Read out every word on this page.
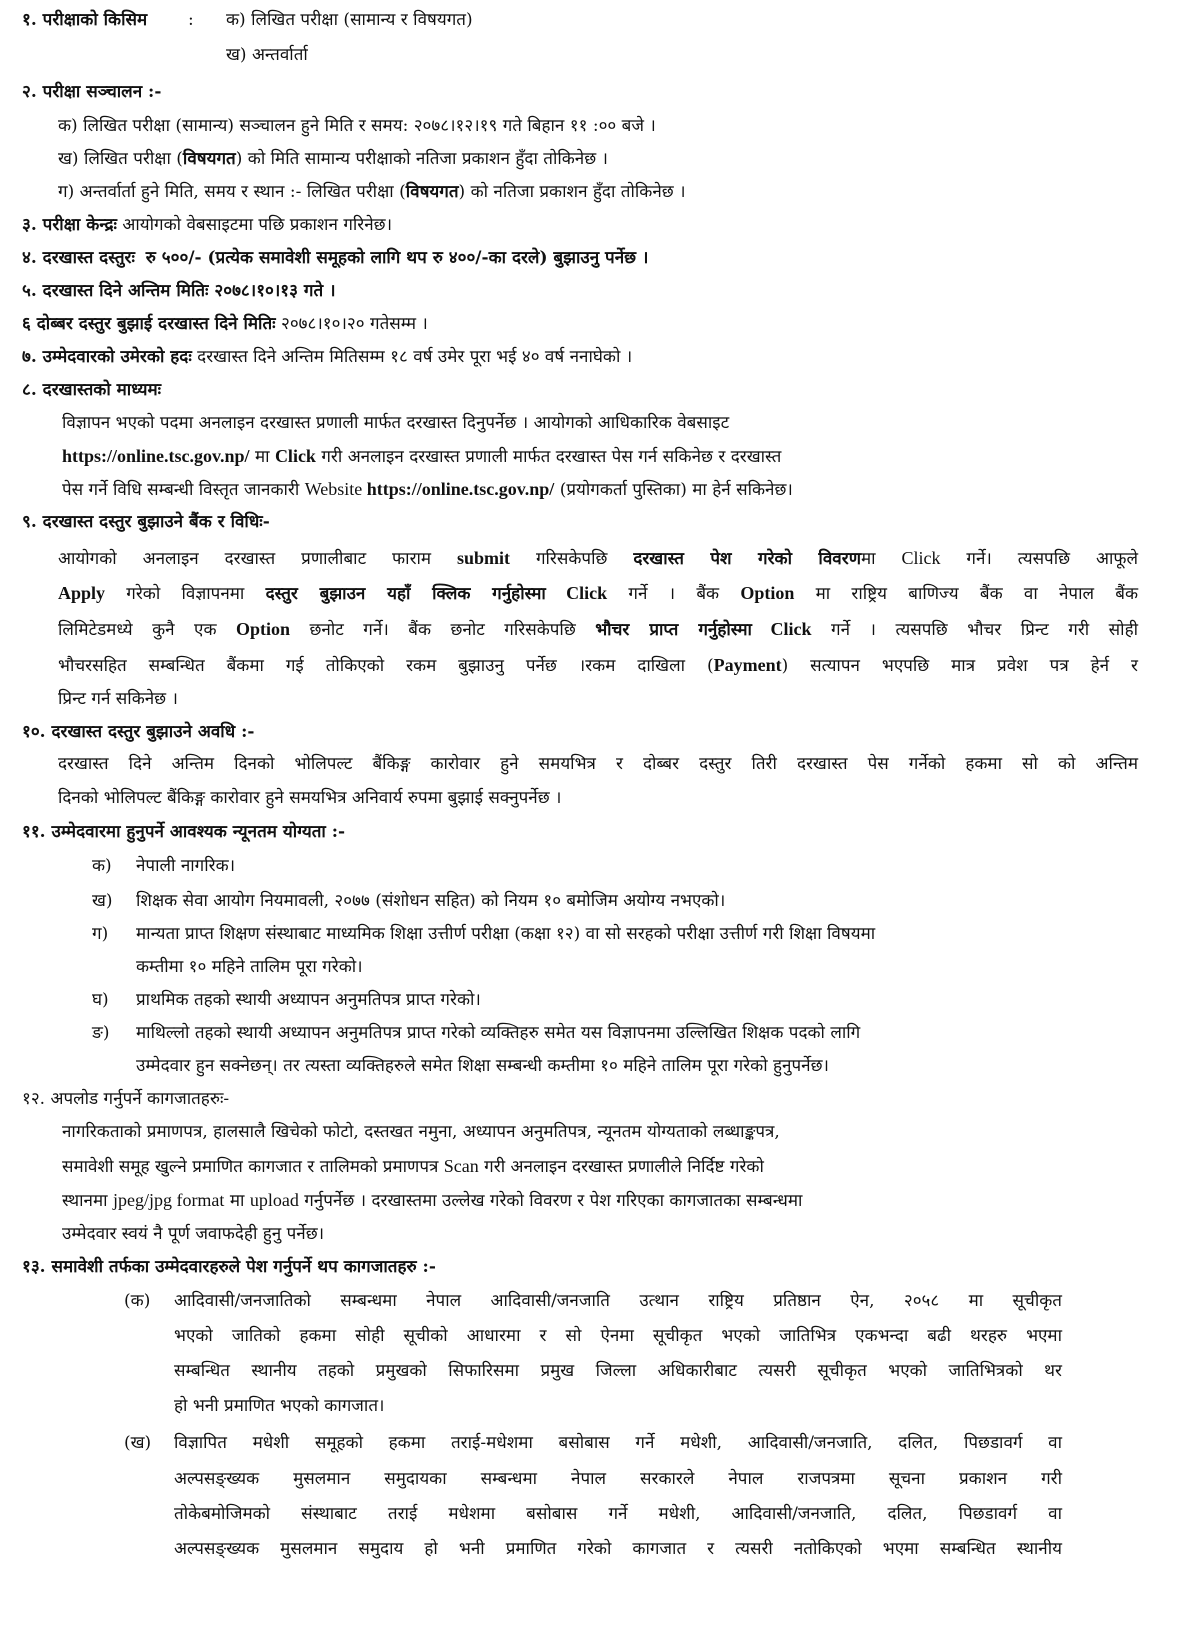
१. परीक्षाको किसिम : क) लिखित परीक्षा (सामान्य र विषयगत)
ख) अन्तर्वार्ता
२. परीक्षा सञ्चालन :-
क) लिखित परीक्षा (सामान्य) सञ्चालन हुने मिति र समय: २०७८।१२।१९ गते बिहान ११ :०० बजे ।
ख) लिखित परीक्षा (विषयगत) को मिति सामान्य परीक्षाको नतिजा प्रकाशन हुँदा तोकिनेछ ।
ग) अन्तर्वार्ता हुने मिति, समय र स्थान :- लिखित परीक्षा (विषयगत) को नतिजा प्रकाशन हुँदा तोकिनेछ ।
३. परीक्षा केन्द्रः आयोगको वेबसाइटमा पछि प्रकाशन गरिनेछ।
४. दरखास्त दस्तुरः रु ५००/- (प्रत्येक समावेशी समूहको लागि थप रु ४००/-का दरले) बुझाउनु पर्नेछ ।
५. दरखास्त दिने अन्तिम मितिः २०७८।१०।१३ गते ।
६ दोब्बर दस्तुर बुझाई दरखास्त दिने मितिः २०७८।१०।२० गतेसम्म ।
७. उम्मेदवारको उमेरको हदः दरखास्त दिने अन्तिम मितिसम्म १८ वर्ष उमेर पूरा भई ४० वर्ष ननाघेको ।
८. दरखास्तको माध्यमः
विज्ञापन भएको पदमा अनलाइन दरखास्त प्रणाली मार्फत दरखास्त दिनुपर्नेछ । आयोगको आधिकारिक वेबसाइट
https://online.tsc.gov.np/ मा Click गरी अनलाइन दरखास्त प्रणाली मार्फत दरखास्त पेस गर्न सकिनेछ र दरखास्त
पेस गर्ने विधि सम्बन्धी विस्तृत जानकारी Website https://online.tsc.gov.np/ (प्रयोगकर्ता पुस्तिका) मा हेर्न सकिनेछ।
९. दरखास्त दस्तुर बुझाउने बैंक र विधिः-
आयोगको अनलाइन दरखास्त प्रणालीबाट फाराम submit गरिसकेपछि दरखास्त पेश गरेको विवरणमा Click गर्ने। त्यसपछि आफूले
Apply गरेको विज्ञापनमा दस्तुर बुझाउन यहाँ क्लिक गर्नुहोस्मा Click गर्ने । बैंक Option मा राष्ट्रिय बाणिज्य बैंक वा नेपाल बैंक
लिमिटेडमध्ये कुनै एक Option छनोट गर्ने। बैंक छनोट गरिसकेपछि भौचर प्राप्त गर्नुहोस्मा Click गर्ने । त्यसपछि भौचर प्रिन्ट गरी सोही
भौचरसहित सम्बन्धित बैंकमा गई तोकिएको रकम बुझाउनु पर्नेछ ।रकम दाखिला (Payment) सत्यापन भएपछि मात्र प्रवेश पत्र हेर्न र
प्रिन्ट गर्न सकिनेछ ।
१०. दरखास्त दस्तुर बुझाउने अवधि :-
दरखास्त दिने अन्तिम दिनको भोलिपल्ट बैंकिङ्ग कारोवार हुने समयभित्र र दोब्बर दस्तुर तिरी दरखास्त पेस गर्नेको हकमा सो को अन्तिम
दिनको भोलिपल्ट बैंकिङ्ग कारोवार हुने समयभित्र अनिवार्य रुपमा बुझाई सक्नुपर्नेछ ।
११. उम्मेदवारमा हुनुपर्ने आवश्यक न्यूनतम योग्यता :-
क) नेपाली नागरिक।
ख) शिक्षक सेवा आयोग नियमावली, २०७७ (संशोधन सहित) को नियम १० बमोजिम अयोग्य नभएको।
ग) मान्यता प्राप्त शिक्षण संस्थाबाट माध्यमिक शिक्षा उत्तीर्ण परीक्षा (कक्षा १२) वा सो सरहको परीक्षा उत्तीर्ण गरी शिक्षा विषयमा
कम्तीमा १० महिने तालिम पूरा गरेको।
घ) प्राथमिक तहको स्थायी अध्यापन अनुमतिपत्र प्राप्त गरेको।
ङ) माथिल्लो तहको स्थायी अध्यापन अनुमतिपत्र प्राप्त गरेको व्यक्तिहरु समेत यस विज्ञापनमा उल्लिखित शिक्षक पदको लागि
उम्मेदवार हुन सक्नेछन्। तर त्यस्ता व्यक्तिहरुले समेत शिक्षा सम्बन्धी कम्तीमा १० महिने तालिम पूरा गरेको हुनुपर्नेछ।
१२. अपलोड गर्नुपर्ने कागजातहरुः-
नागरिकताको प्रमाणपत्र, हालसालै खिचेको फोटो, दस्तखत नमुना, अध्यापन अनुमतिपत्र, न्यूनतम योग्यताको लब्धाङ्कपत्र,
समावेशी समूह खुल्ने प्रमाणित कागजात र तालिमको प्रमाणपत्र Scan गरी अनलाइन दरखास्त प्रणालीले निर्दिष्ट गरेको
स्थानमा jpeg/jpg format मा upload गर्नुपर्नेछ । दरखास्तमा उल्लेख गरेको विवरण र पेश गरिएका कागजातका सम्बन्धमा
उम्मेदवार स्वयं नै पूर्ण जवाफदेही हुनु पर्नेछ।
१३. समावेशी तर्फका उम्मेदवारहरुले पेश गर्नुपर्ने थप कागजातहरु :-
(क) आदिवासी/जनजातिको सम्बन्धमा नेपाल आदिवासी/जनजाति उत्थान राष्ट्रिय प्रतिष्ठान ऐन, २०५८ मा सूचीकृत
भएको जातिको हकमा सोही सूचीको आधारमा र सो ऐनमा सूचीकृत भएको जातिभित्र एकभन्दा बढी थरहरु भएमा
सम्बन्धित स्थानीय तहको प्रमुखको सिफारिसमा प्रमुख जिल्ला अधिकारीबाट त्यसरी सूचीकृत भएको जातिभित्रको थर
हो भनी प्रमाणित भएको कागजात।
(ख) विज्ञापित मधेशी समूहको हकमा तराई-मधेशमा बसोबास गर्ने मधेशी, आदिवासी/जनजाति, दलित, पिछडावर्ग वा
अल्पसङ्ख्यक मुसलमान समुदायका सम्बन्धमा नेपाल सरकारले नेपाल राजपत्रमा सूचना प्रकाशन गरी
तोकेबमोजिमको संस्थाबाट तराई मधेशमा बसोबास गर्ने मधेशी, आदिवासी/जनजाति, दलित, पिछडावर्ग वा
अल्पसङ्ख्यक मुसलमान समुदाय हो भनी प्रमाणित गरेको कागजात र त्यसरी नतोकिएको भएमा सम्बन्धित स्थानीय
